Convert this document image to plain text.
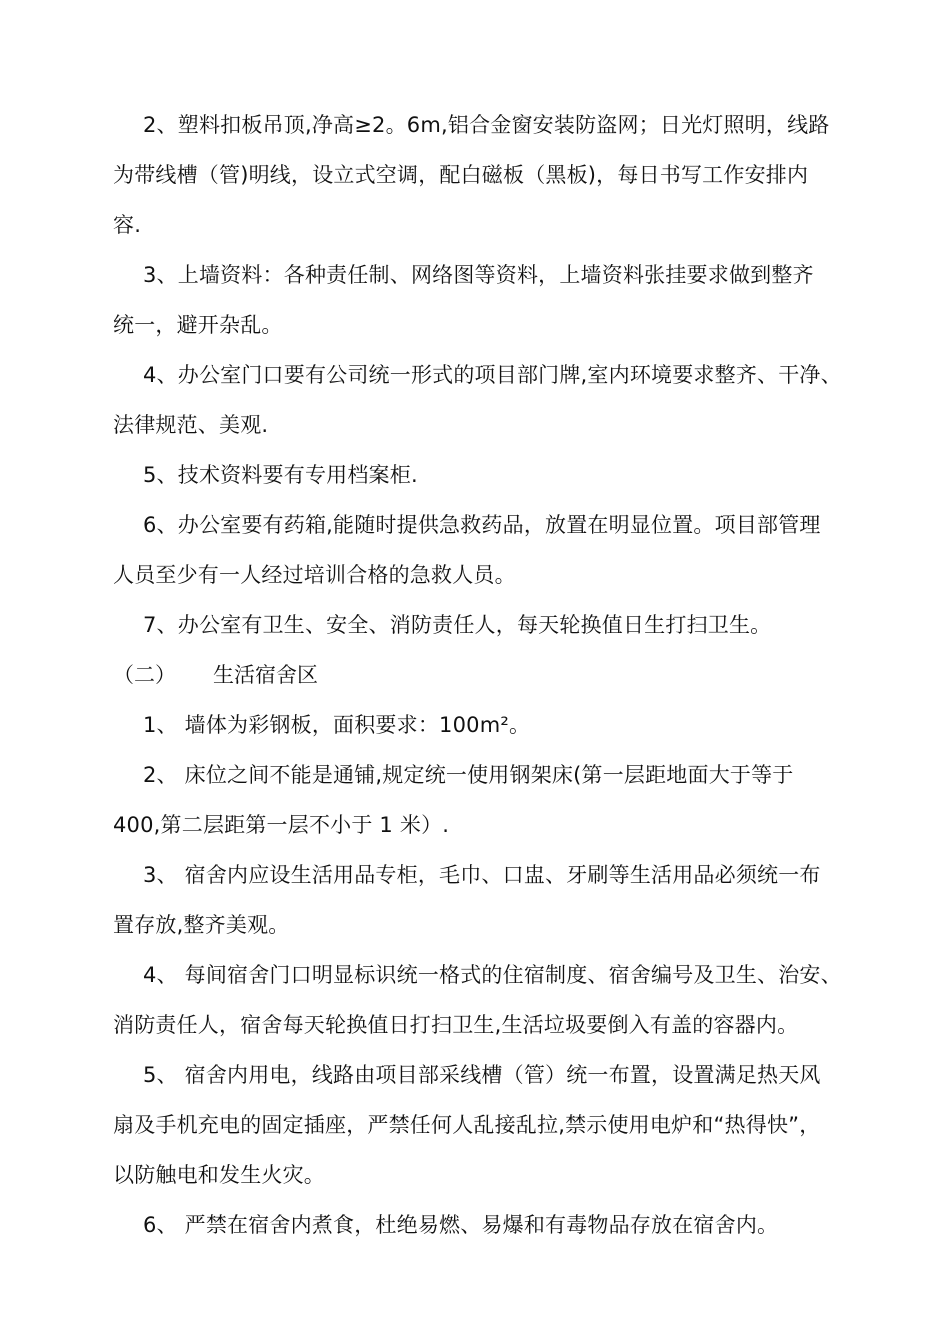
2、塑料扣板吊顶,净高≥2。6m,铝合金窗安装防盗网；日光灯照明，线路
为带线槽（管)明线，设立式空调，配白磁板（黑板)，每日书写工作安排内
容.
3、上墙资料：各种责任制、网络图等资料，上墙资料张挂要求做到整齐
统一，避开杂乱。
4、办公室门口要有公司统一形式的项目部门牌,室内环境要求整齐、干净、
法律规范、美观.
5、技术资料要有专用档案柜.
6、办公室要有药箱,能随时提供急救药品，放置在明显位置。项目部管理
人员至少有一人经过培训合格的急救人员。
7、办公室有卫生、安全、消防责任人，每天轮换值日生打扫卫生。
（二） 生活宿舍区
1、 墙体为彩钢板，面积要求：100m²。
2、 床位之间不能是通铺,规定统一使用钢架床(第一层距地面大于等于
400,第二层距第一层不小于 1 米）.
3、 宿舍内应设生活用品专柜，毛巾、口盅、牙刷等生活用品必须统一布
置存放,整齐美观。
4、 每间宿舍门口明显标识统一格式的住宿制度、宿舍编号及卫生、治安、
消防责任人，宿舍每天轮换值日打扫卫生,生活垃圾要倒入有盖的容器内。
5、 宿舍内用电，线路由项目部采线槽（管）统一布置，设置满足热天风
扇及手机充电的固定插座，严禁任何人乱接乱拉,禁示使用电炉和“热得快”，
以防触电和发生火灾。
6、 严禁在宿舍内煮食，杜绝易燃、易爆和有毒物品存放在宿舍内。
